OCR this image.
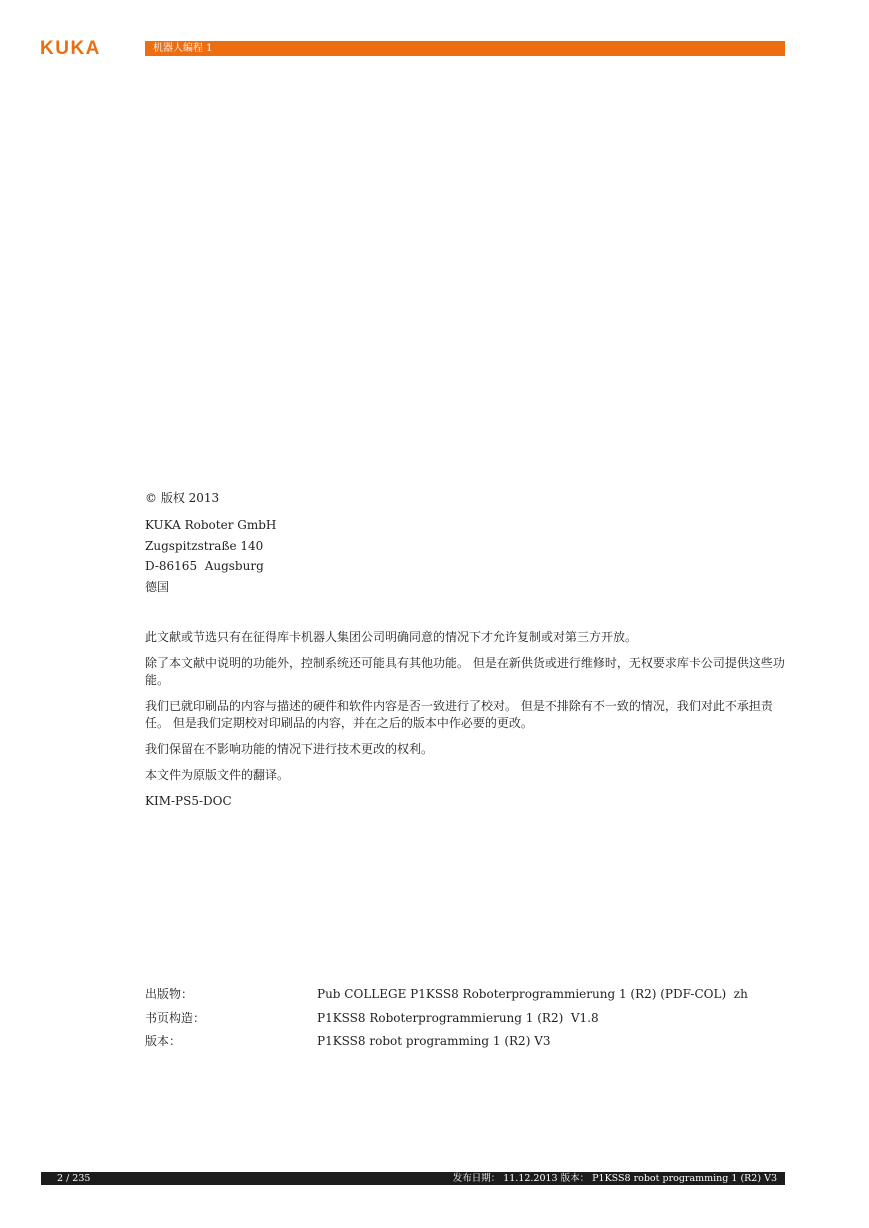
KUKA	机器人编程 1
© 版权 2013
KUKA Roboter GmbH
Zugspitzstraße 140
D-86165  Augsburg
德国

此文献或节选只有在征得库卡机器人集团公司明确同意的情况下才允许复制或对第三方开放。

除了本文献中说明的功能外，控制系统还可能具有其他功能。 但是在新供货或进行维修时，无权要求库卡公司提供这些功能。

我们已就印刷品的内容与描述的硬件和软件内容是否一致进行了校对。 但是不排除有不一致的情况，我们对此不承担责任。 但是我们定期校对印刷品的内容，并在之后的版本中作必要的更改。

我们保留在不影响功能的情况下进行技术更改的权利。

本文件为原版文件的翻译。

KIM-PS5-DOC

出版物：	Pub COLLEGE P1KSS8 Roboterprogrammierung 1 (R2) (PDF-COL)  zh
书页构造：	P1KSS8 Roboterprogrammierung 1 (R2)  V1.8
版本：	P1KSS8 robot programming 1 (R2) V3
2 / 235	发布日期： 11.12.2013 版本： P1KSS8 robot programming 1 (R2) V3
